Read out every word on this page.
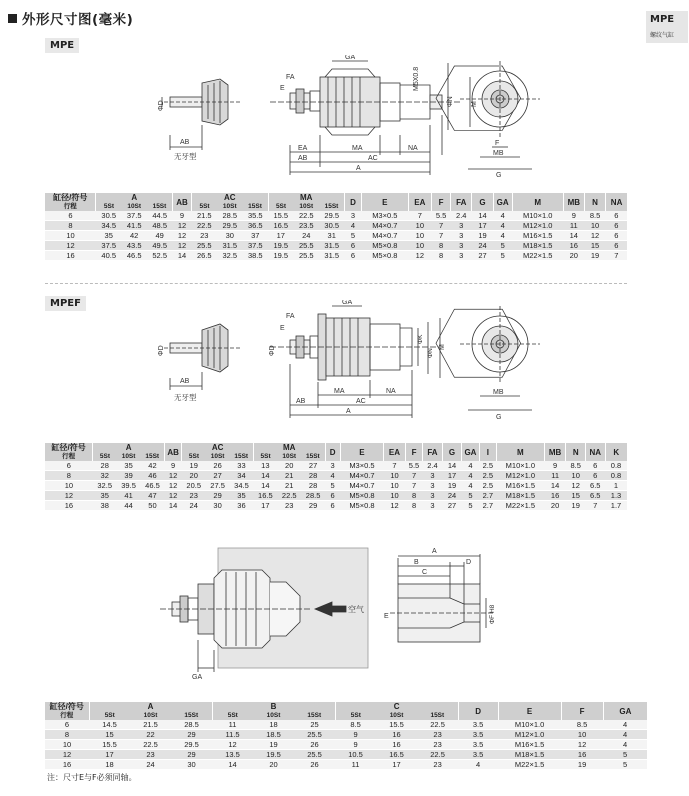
外形尺寸图(毫米)	MPE
螺纹气缸
MPE
ΦD
AB
无牙型
FA
E
GA
EA	MA	NA
AB	AC
A
M5X0.8
ΦN M
F
MB
G
缸径/符号	A			AB	AC			MA			D	E	EA	F	FA	G	GA	M	MB	N	NA
行程	5St	10St	15St		5St	10St	15St	5St	10St	15St											
6	30.5	37.5	44.5	9	21.5	28.5	35.5	15.5	22.5	29.5	3	M3×0.5	7	5.5	2.4	14	4	M10×1.0	9	8.5	6
8	34.5	41.5	48.5	12	22.5	29.5	36.5	16.5	23.5	30.5	4	M4×0.7	10	7	3	17	4	M12×1.0	11	10	6
10	35	42	49	12	23	30	37	17	24	31	5	M4×0.7	10	7	3	19	4	M16×1.5	14	12	6
12	37.5	43.5	49.5	12	25.5	31.5	37.5	19.5	25.5	31.5	6	M5×0.8	10	8	3	24	5	M18×1.5	16	15	6
16	40.5	46.5	52.5	14	26.5	32.5	38.5	19.5	25.5	31.5	6	M5×0.8	12	8	3	27	5	M22×1.5	20	19	7
MPEF
ΦD
AB
无牙型
FA
E
GA
MA	NA
AB	AC
A
ΦD
ΦK
ΦN
M
MB
G
缸径/符号	A			AB	AC			MA			D	E	EA	F	FA	G	GA	I	M	MB	N	NA	K
行程	5St	10St	15St		5St	10St	15St	5St	10St	15St													
6	28	35	42	9	19	26	33	13	20	27	3	M3×0.5	7	5.5	2.4	14	4	2.5	M10×1.0	9	8.5	6	0.8
8	32	39	46	12	20	27	34	14	21	28	4	M4×0.7	10	7	3	17	4	2.5	M12×1.0	11	10	6	0.8
10	32.5	39.5	46.5	12	20.5	27.5	34.5	14	21	28	5	M4×0.7	10	7	3	19	4	2.5	M16×1.5	14	12	6.5	1
12	35	41	47	12	23	29	35	16.5	22.5	28.5	6	M5×0.8	10	8	3	24	5	2.7	M18×1.5	16	15	6.5	1.3
16	38	44	50	14	24	30	36	17	23	29	6	M5×0.8	12	8	3	27	5	2.7	M22×1.5	20	19	7	1.7
空气
GA
A
B
C
D
ΦF H8
E
缸径/符号	A			B			C			D	E	F	GA
行程	5St	10St	15St	5St	10St	15St	5St	10St	15St				
6	14.5	21.5	28.5	11	18	25	8.5	15.5	22.5	3.5	M10×1.0	8.5	4
8	15	22	29	11.5	18.5	25.5	9	16	23	3.5	M12×1.0	10	4
10	15.5	22.5	29.5	12	19	26	9	16	23	3.5	M16×1.5	12	4
12	17	23	29	13.5	19.5	25.5	10.5	16.5	22.5	3.5	M18×1.5	16	5
16	18	24	30	14	20	26	11	17	23	4	M22×1.5	19	5
注：尺寸E与F必须同轴。
